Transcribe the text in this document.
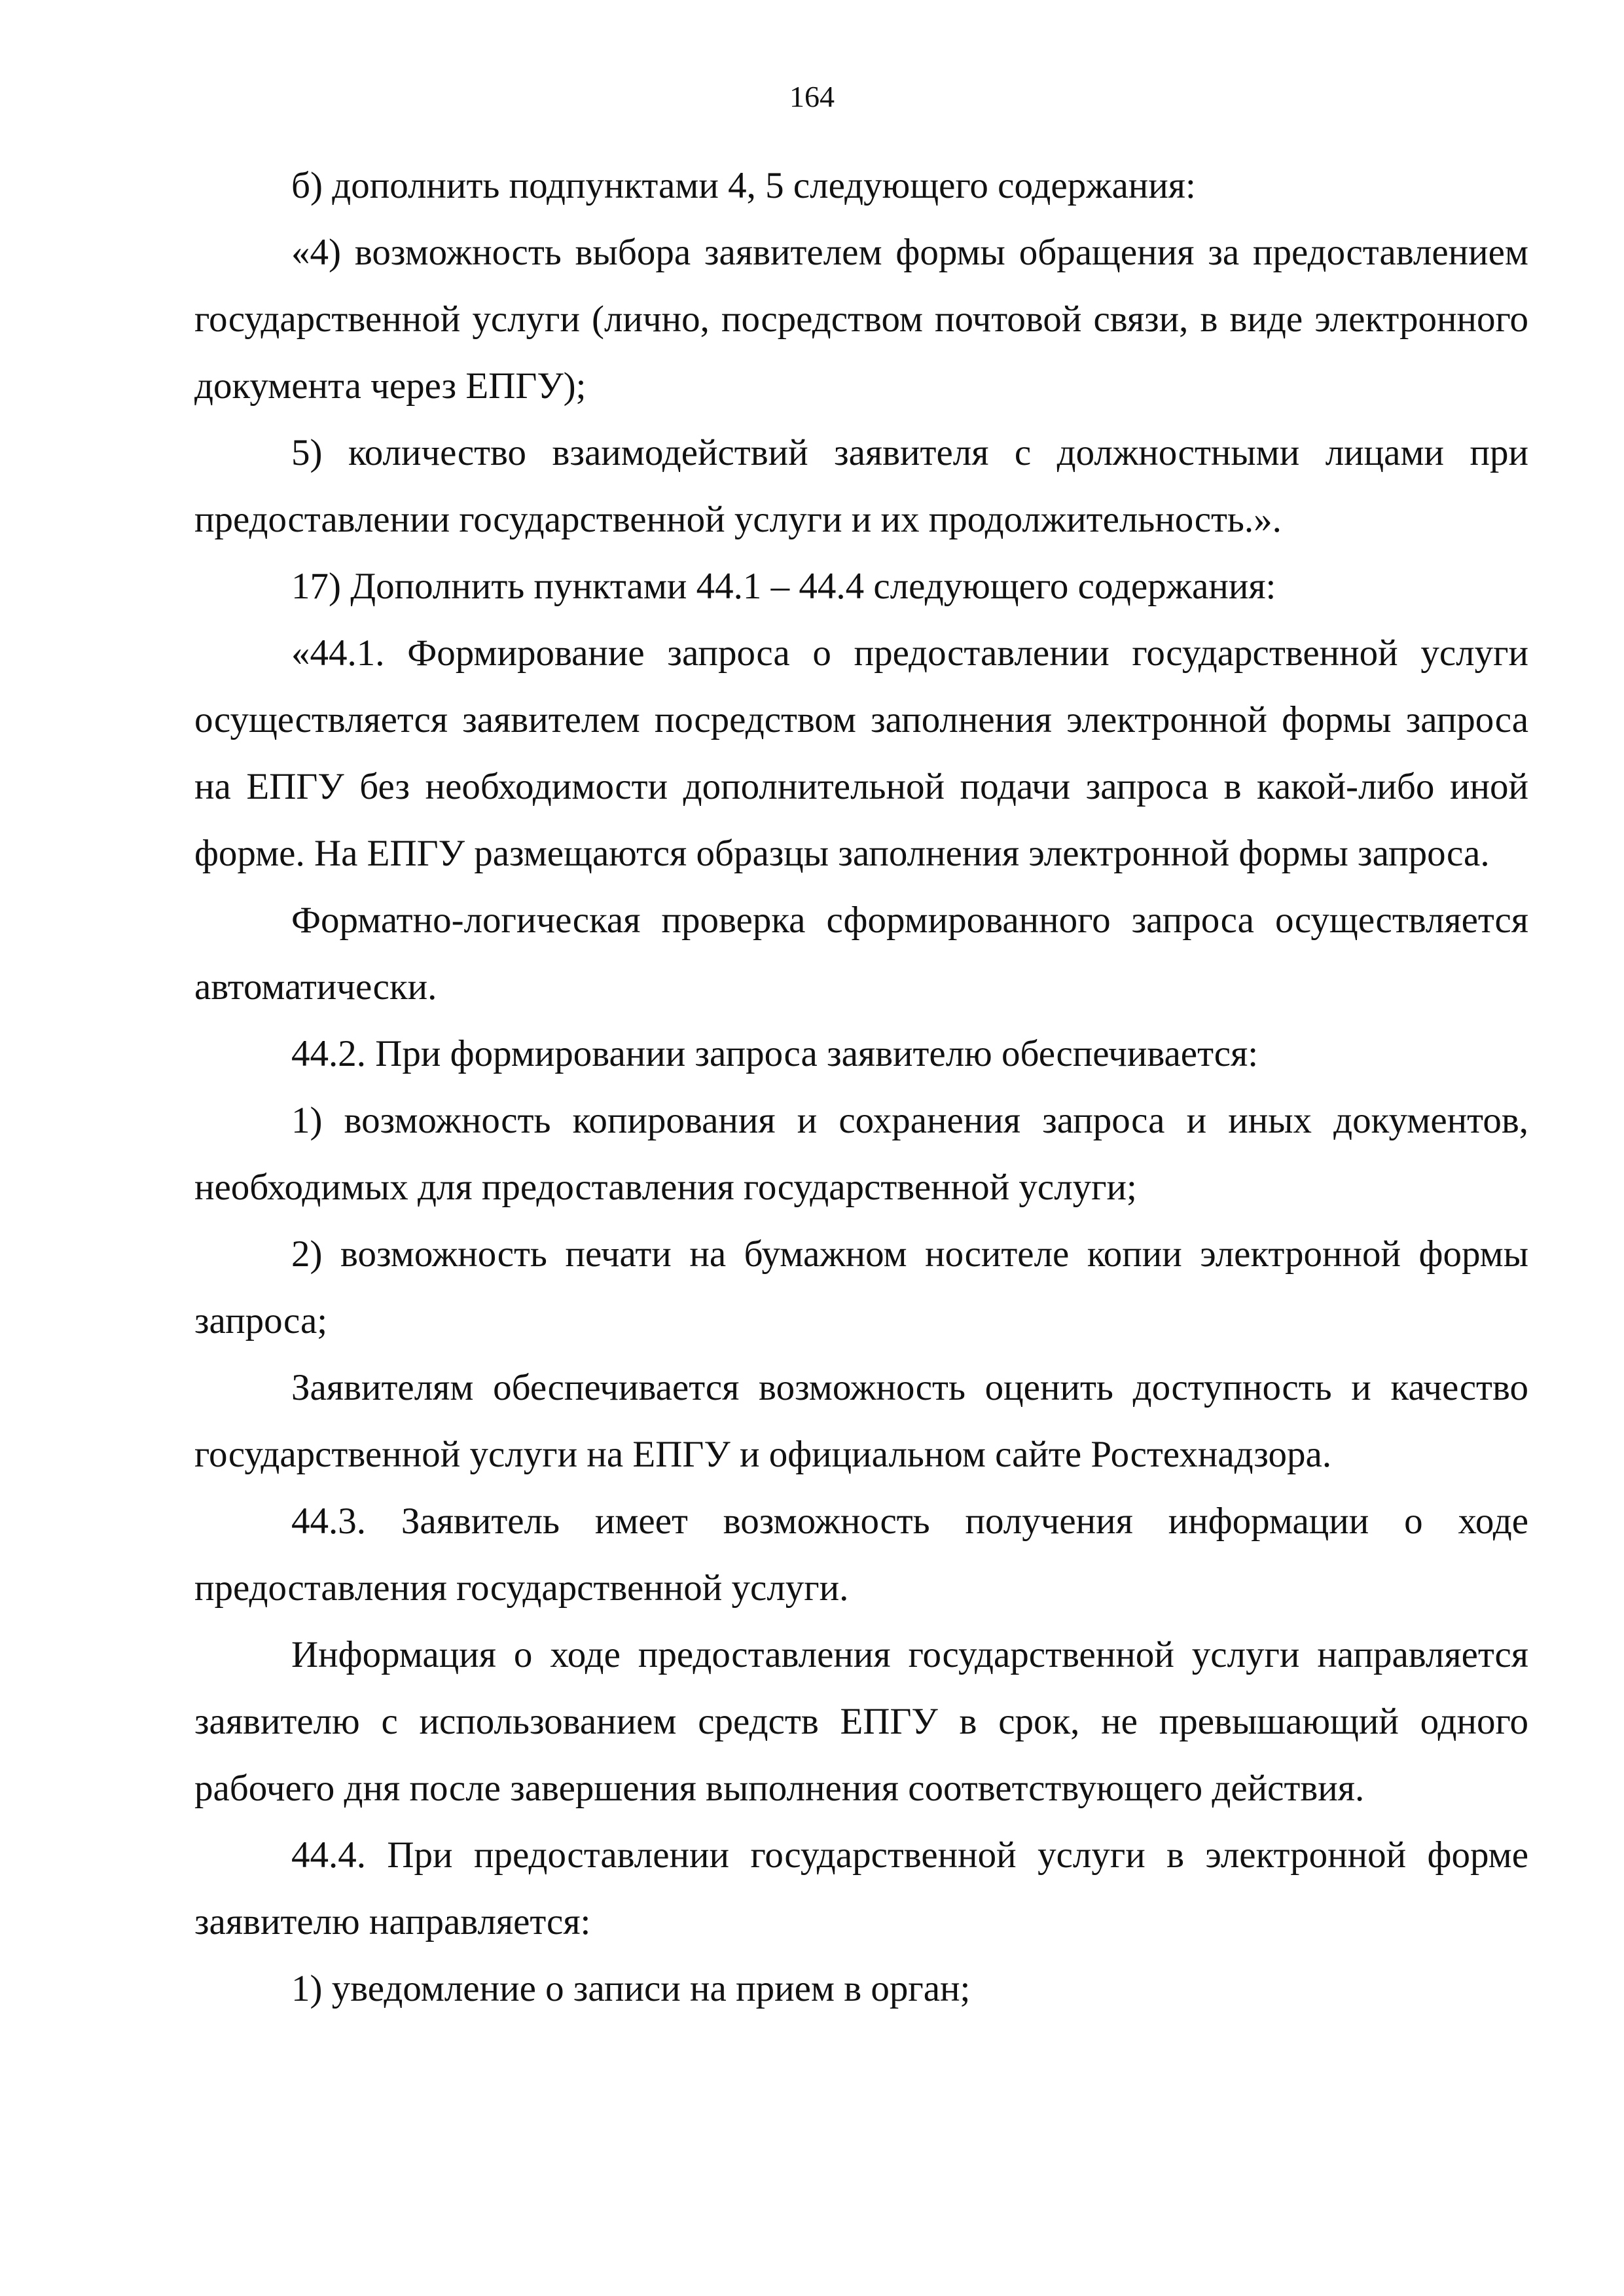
164

б) дополнить подпунктами 4, 5 следующего содержания:

«4) возможность выбора заявителем формы обращения за предоставлением государственной услуги (лично, посредством почтовой связи, в виде электронного документа через ЕПГУ);

5) количество взаимодействий заявителя с должностными лицами при предоставлении государственной услуги и их продолжительность.».

17) Дополнить пунктами 44.1 – 44.4 следующего содержания:

«44.1. Формирование запроса о предоставлении государственной услуги осуществляется заявителем посредством заполнения электронной формы запроса на ЕПГУ без необходимости дополнительной подачи запроса в какой-либо иной форме. На ЕПГУ размещаются образцы заполнения электронной формы запроса.

Форматно-логическая проверка сформированного запроса осуществляется автоматически.

44.2. При формировании запроса заявителю обеспечивается:

1) возможность копирования и сохранения запроса и иных документов, необходимых для предоставления государственной услуги;

2) возможность печати на бумажном носителе копии электронной формы запроса;

Заявителям обеспечивается возможность оценить доступность и качество государственной услуги на ЕПГУ и официальном сайте Ростехнадзора.

44.3. Заявитель имеет возможность получения информации о ходе предоставления государственной услуги.

Информация о ходе предоставления государственной услуги направляется заявителю с использованием средств ЕПГУ в срок, не превышающий одного рабочего дня после завершения выполнения соответствующего действия.

44.4. При предоставлении государственной услуги в электронной форме заявителю направляется:

1) уведомление о записи на прием в орган;
